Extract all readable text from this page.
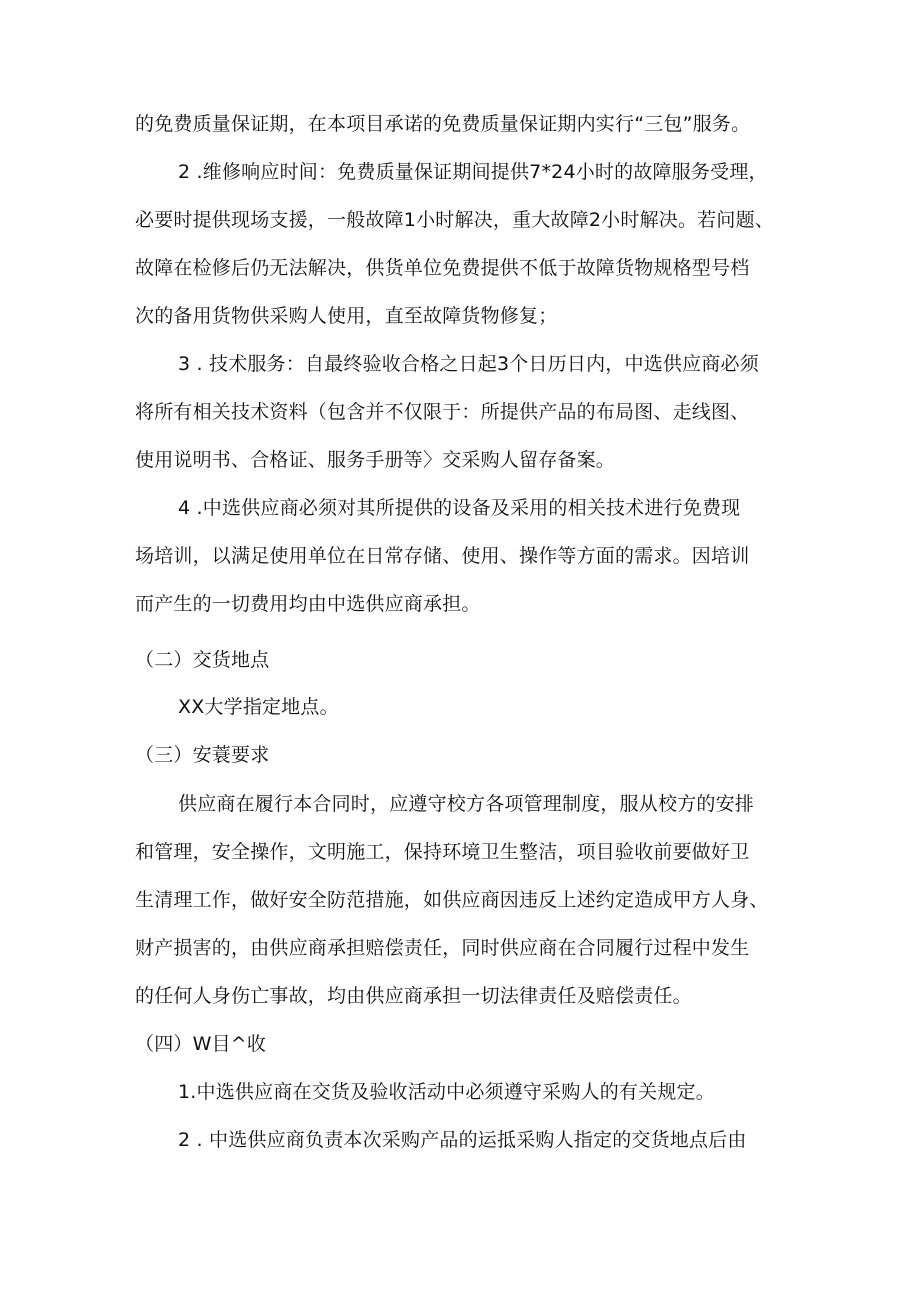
的免费质量保证期，在本项目承诺的免费质量保证期内实行“三包”服务。
2 .维修响应时间：免费质量保证期间提供7*24小时的故障服务受理，
必要时提供现场支援，一般故障1小时解决，重大故障2小时解决。若问题、
故障在检修后仍无法解决，供货单位免费提供不低于故障货物规格型号档
次的备用货物供采购人使用，直至故障货物修复；
3 . 技术服务：自最终验收合格之日起3个日历日内，中选供应商必须
将所有相关技术资料（包含并不仅限于：所提供产品的布局图、走线图、
使用说明书、合格证、服务手册等〉交采购人留存备案。
4 .中选供应商必须对其所提供的设备及采用的相关技术进行免费现
场培训，以满足使用单位在日常存储、使用、操作等方面的需求。因培训
而产生的一切费用均由中选供应商承担。
（二）交货地点
XX大学指定地点。
（三）安蓑要求
供应商在履行本合同时，应遵守校方各项管理制度，服从校方的安排
和管理，安全操作，文明施工，保持环境卫生整洁，项目验收前要做好卫
生清理工作，做好安全防范措施，如供应商因违反上述约定造成甲方人身、
财产损害的，由供应商承担赔偿责任，同时供应商在合同履行过程中发生
的任何人身伤亡事故，均由供应商承担一切法律责任及赔偿责任。
（四）W目^收
1.中选供应商在交货及验收活动中必须遵守采购人的有关规定。
2 . 中选供应商负责本次采购产品的运抵采购人指定的交货地点后由
